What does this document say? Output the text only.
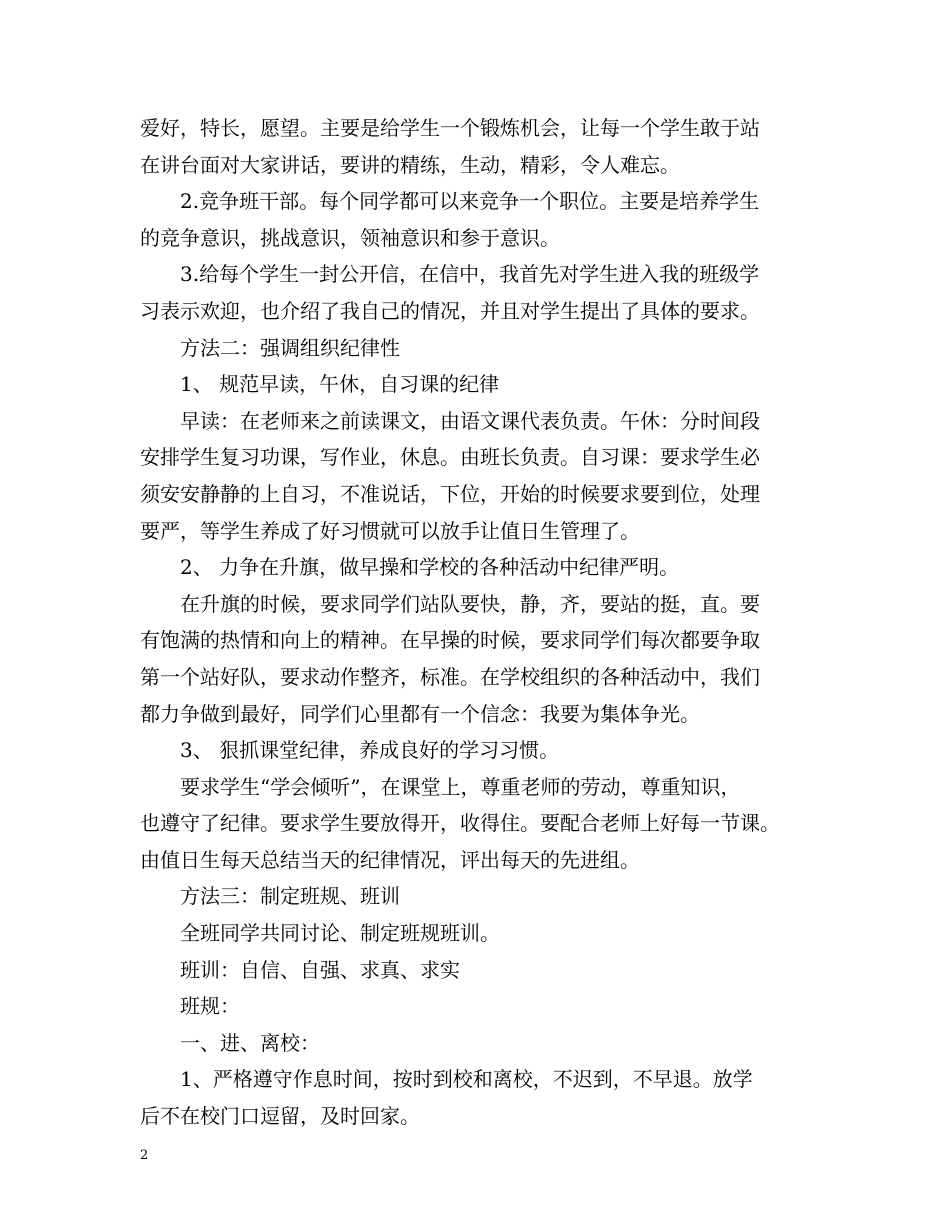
爱好，特长，愿望。主要是给学生一个锻炼机会，让每一个学生敢于站

在讲台面对大家讲话，要讲的精练，生动，精彩，令人难忘。

2.竞争班干部。每个同学都可以来竞争一个职位。主要是培养学生

的竞争意识，挑战意识，领袖意识和参于意识。

3.给每个学生一封公开信，在信中，我首先对学生进入我的班级学

习表示欢迎，也介绍了我自己的情况，并且对学生提出了具体的要求。

方法二：强调组织纪律性

1、 规范早读，午休，自习课的纪律

早读：在老师来之前读课文，由语文课代表负责。午休：分时间段

安排学生复习功课，写作业，休息。由班长负责。自习课：要求学生必

须安安静静的上自习，不准说话，下位，开始的时候要求要到位，处理

要严，等学生养成了好习惯就可以放手让值日生管理了。

2、 力争在升旗，做早操和学校的各种活动中纪律严明。

在升旗的时候，要求同学们站队要快，静，齐，要站的挺，直。要

有饱满的热情和向上的精神。在早操的时候，要求同学们每次都要争取

第一个站好队，要求动作整齐，标准。在学校组织的各种活动中，我们

都力争做到最好，同学们心里都有一个信念：我要为集体争光。

3、 狠抓课堂纪律，养成良好的学习习惯。

要求学生“学会倾听”，在课堂上，尊重老师的劳动，尊重知识，

也遵守了纪律。要求学生要放得开，收得住。要配合老师上好每一节课。

由值日生每天总结当天的纪律情况，评出每天的先进组。

方法三：制定班规、班训

全班同学共同讨论、制定班规班训。

班训：自信、自强、求真、求实

班规：

一、进、离校：

1、严格遵守作息时间，按时到校和离校，不迟到，不早退。放学

后不在校门口逗留，及时回家。

2
